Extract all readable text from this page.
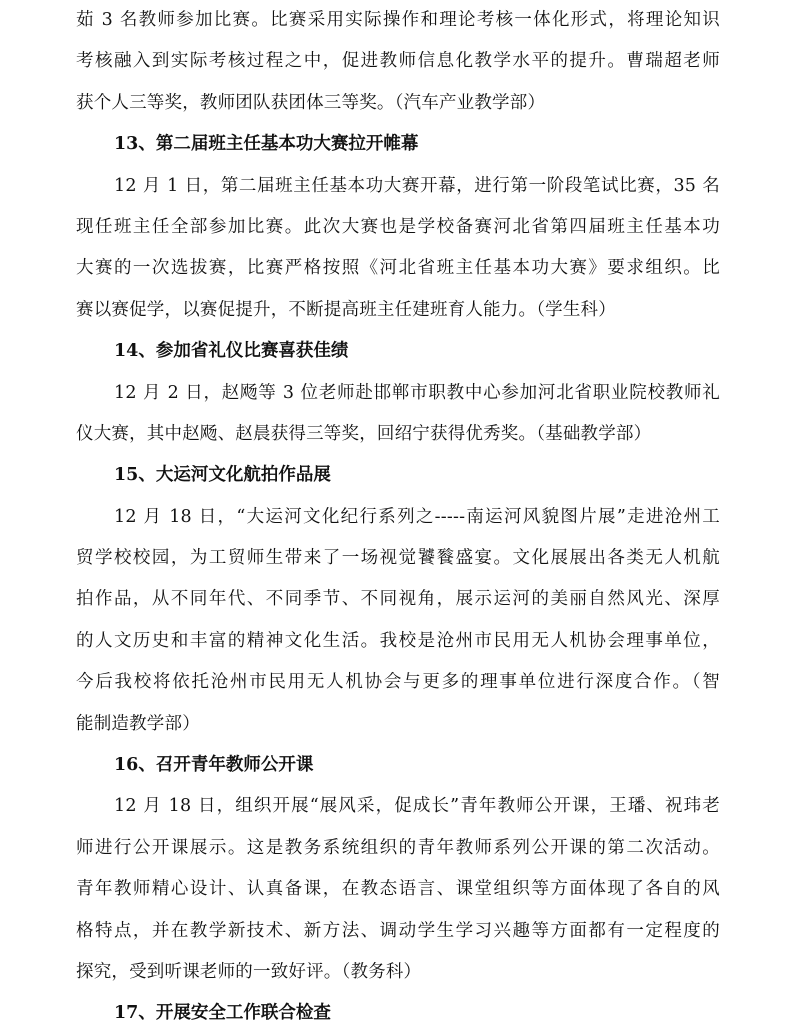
茹 3 名教师参加比赛。比赛采用实际操作和理论考核一体化形式，将理论知识
考核融入到实际考核过程之中，促进教师信息化教学水平的提升。曹瑞超老师
获个人三等奖，教师团队获团体三等奖。（汽车产业教学部）
13、第二届班主任基本功大赛拉开帷幕
12 月 1 日，第二届班主任基本功大赛开幕，进行第一阶段笔试比赛，35 名
现任班主任全部参加比赛。此次大赛也是学校备赛河北省第四届班主任基本功
大赛的一次选拔赛，比赛严格按照《河北省班主任基本功大赛》要求组织。比
赛以赛促学，以赛促提升，不断提高班主任建班育人能力。（学生科）
14、参加省礼仪比赛喜获佳绩
12 月 2 日，赵飏等 3 位老师赴邯郸市职教中心参加河北省职业院校教师礼
仪大赛，其中赵飏、赵晨获得三等奖，回绍宁获得优秀奖。（基础教学部）
15、大运河文化航拍作品展
12 月 18 日，“大运河文化纪行系列之-----南运河风貌图片展”走进沧州工
贸学校校园，为工贸师生带来了一场视觉饕餮盛宴。文化展展出各类无人机航
拍作品，从不同年代、不同季节、不同视角，展示运河的美丽自然风光、深厚
的人文历史和丰富的精神文化生活。我校是沧州市民用无人机协会理事单位，
今后我校将依托沧州市民用无人机协会与更多的理事单位进行深度合作。（智
能制造教学部）
16、召开青年教师公开课
12 月 18 日，组织开展“展风采，促成长”青年教师公开课，王璠、祝玮老
师进行公开课展示。这是教务系统组织的青年教师系列公开课的第二次活动。
青年教师精心设计、认真备课，在教态语言、课堂组织等方面体现了各自的风
格特点，并在教学新技术、新方法、调动学生学习兴趣等方面都有一定程度的
探究，受到听课老师的一致好评。（教务科）
17、开展安全工作联合检查
